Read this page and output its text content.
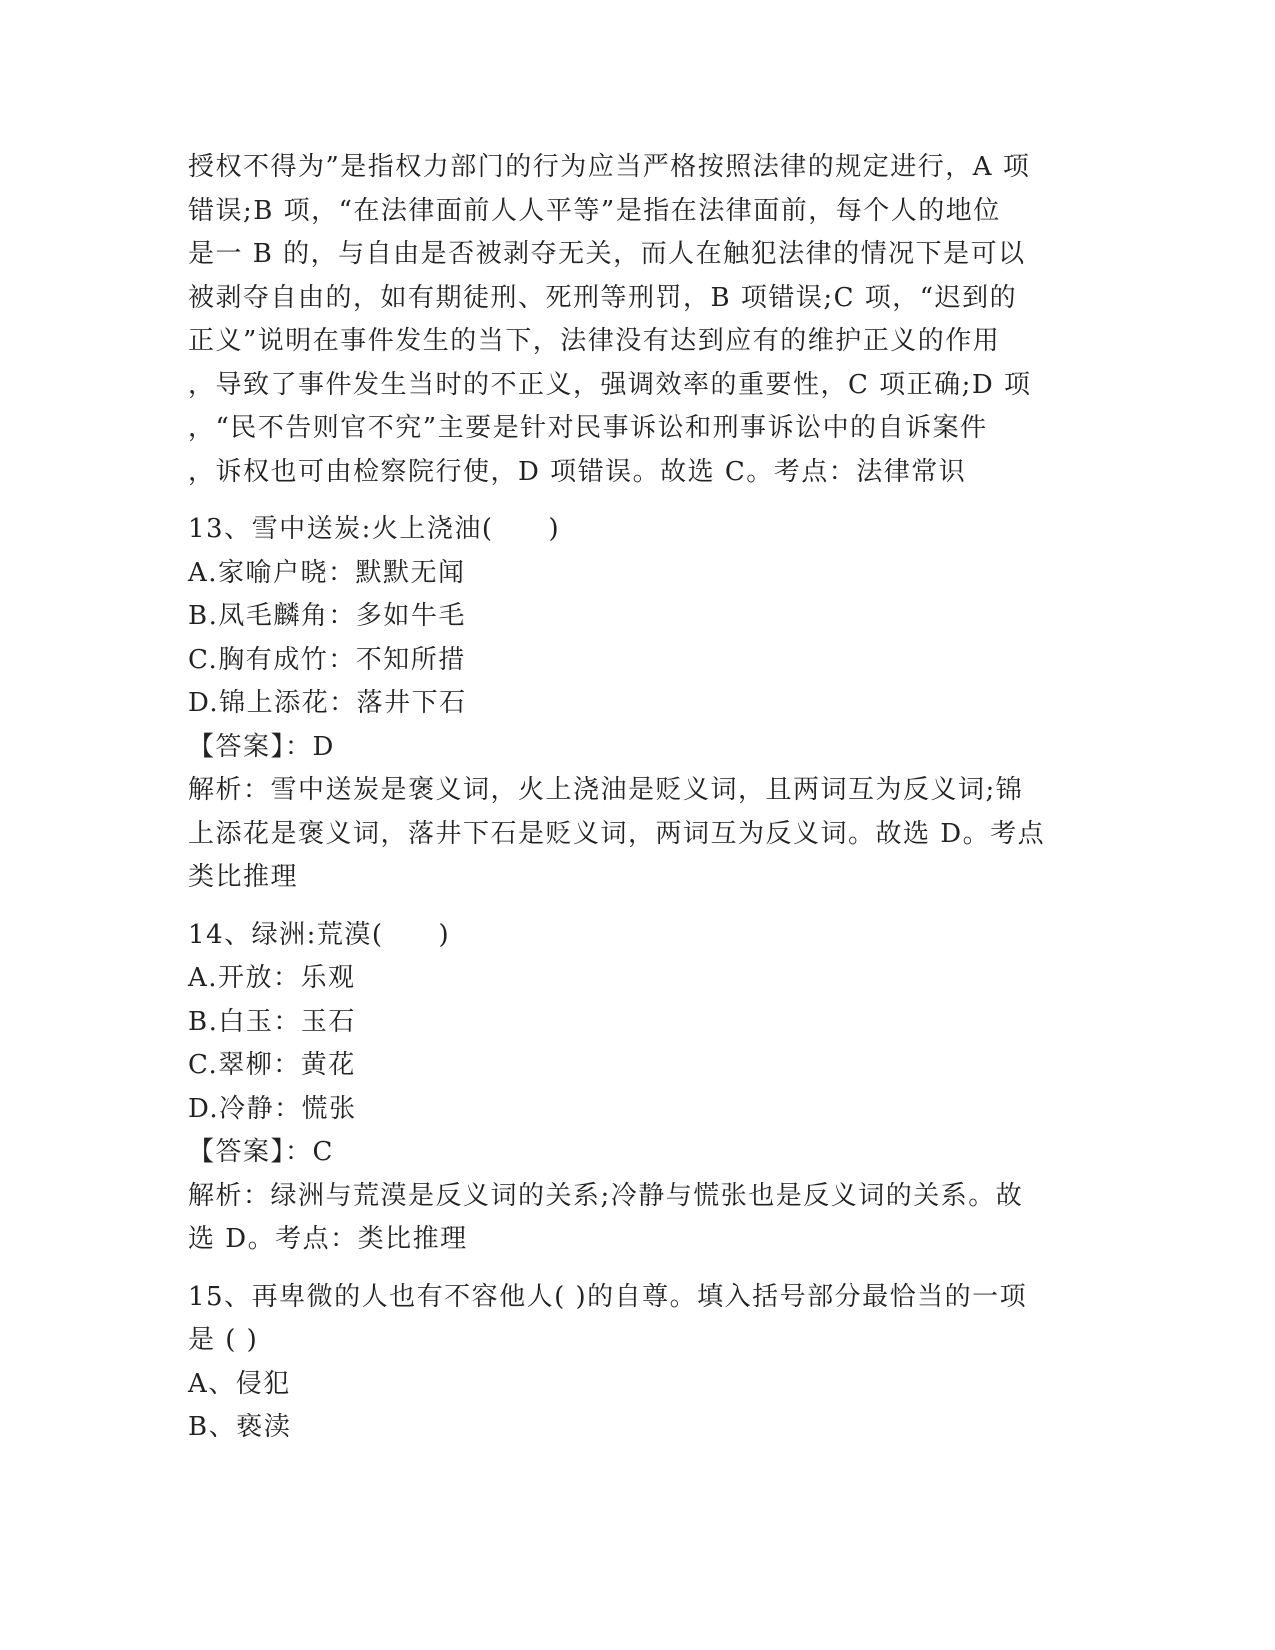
授权不得为”是指权力部门的行为应当严格按照法律的规定进行，A 项
错误;B 项，“在法律面前人人平等”是指在法律面前，每个人的地位
是一 B 的，与自由是否被剥夺无关，而人在触犯法律的情况下是可以
被剥夺自由的，如有期徒刑、死刑等刑罚，B 项错误;C 项，“迟到的
正义”说明在事件发生的当下，法律没有达到应有的维护正义的作用
，导致了事件发生当时的不正义，强调效率的重要性，C 项正确;D 项
，“民不告则官不究”主要是针对民事诉讼和刑事诉讼中的自诉案件
，诉权也可由检察院行使，D 项错误。故选 C。考点：法律常识
13、雪中送炭:火上浇油(　　)
A.家喻户晓：默默无闻
B.凤毛麟角：多如牛毛
C.胸有成竹：不知所措
D.锦上添花：落井下石
【答案】：D
解析：雪中送炭是褒义词，火上浇油是贬义词，且两词互为反义词;锦
上添花是褒义词，落井下石是贬义词，两词互为反义词。故选 D。考点
类比推理
14、绿洲:荒漠(　　)
A.开放：乐观
B.白玉：玉石
C.翠柳：黄花
D.冷静：慌张
【答案】：C
解析：绿洲与荒漠是反义词的关系;冷静与慌张也是反义词的关系。故
选 D。考点：类比推理
15、再卑微的人也有不容他人( )的自尊。填入括号部分最恰当的一项
是 ( )
A、侵犯
B、亵渎
